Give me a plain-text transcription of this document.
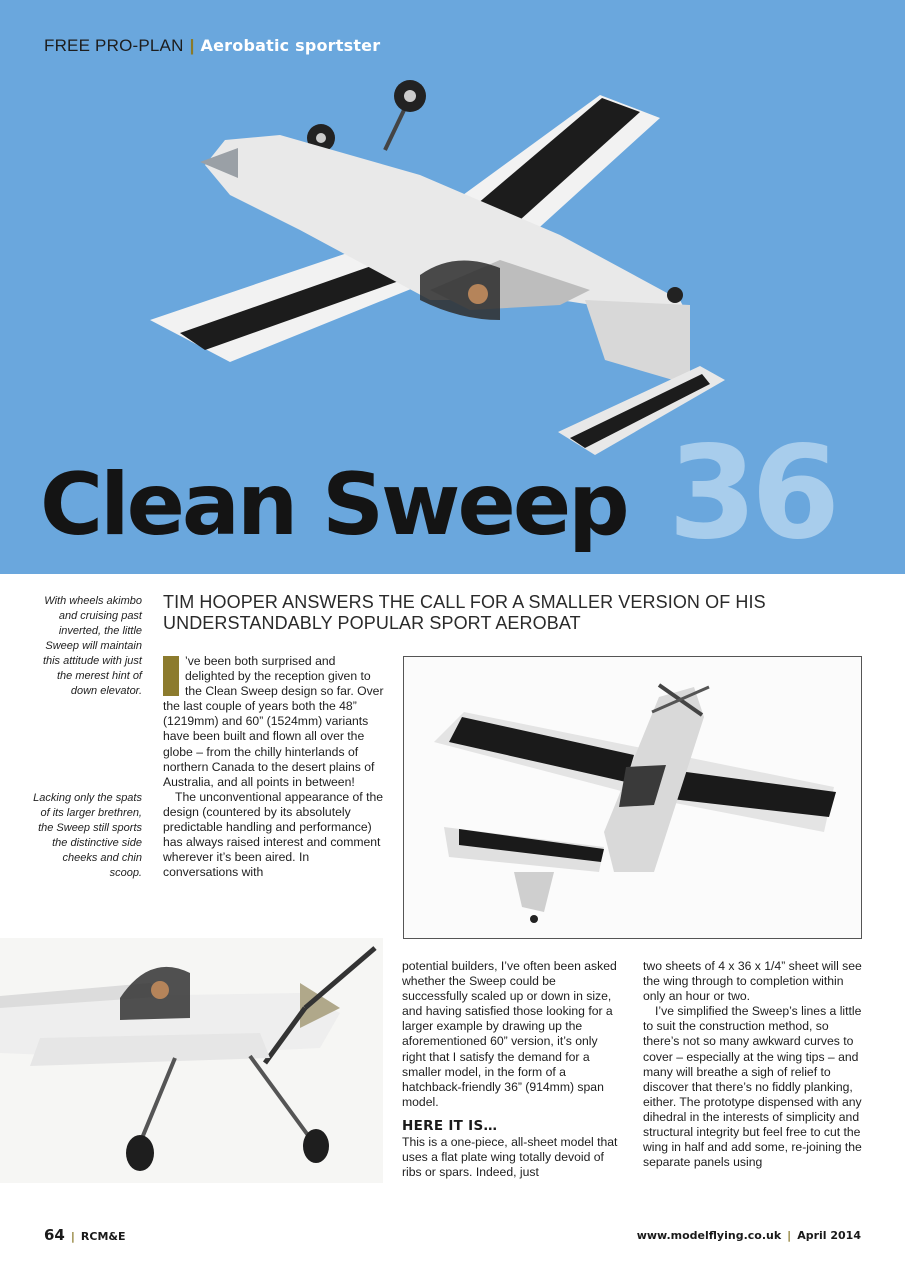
FREE PRO-PLAN | Aerobatic sportster
36
Clean Sweep
With wheels akimbo and cruising past inverted, the little Sweep will maintain this attitude with just the merest hint of down elevator.
Lacking only the spats of its larger brethren, the Sweep still sports the distinctive side cheeks and chin scoop.
TIM HOOPER ANSWERS THE CALL FOR A SMALLER VERSION OF HIS UNDERSTANDABLY POPULAR SPORT AEROBAT

’ve been both surprised and delighted by the reception given to the Clean Sweep design so far. Over the last couple of years both the 48” (1219mm) and 60” (1524mm) variants have been built and flown all over the globe – from the chilly hinterlands of northern Canada to the desert plains of Australia, and all points in between!

The unconventional appearance of the design (countered by its absolutely predictable handling and performance) has always raised interest and comment wherever it’s been aired. In conversations with

potential builders, I’ve often been asked whether the Sweep could be successfully scaled up or down in size, and having satisfied those looking for a larger example by drawing up the aforementioned 60” version, it’s only right that I satisfy the demand for a smaller model, in the form of a hatchback-friendly 36” (914mm) span model.

HERE IT IS…

This is a one-piece, all-sheet model that uses a flat plate wing totally devoid of ribs or spars. Indeed, just

two sheets of 4 x 36 x 1/4” sheet will see the wing through to completion within only an hour or two.

I’ve simplified the Sweep’s lines a little to suit the construction method, so there’s not so many awkward curves to cover – especially at the wing tips – and many will breathe a sigh of relief to discover that there’s no fiddly planking, either. The prototype dispensed with any dihedral in the interests of simplicity and structural integrity but feel free to cut the wing in half and add some, re-joining the separate panels using

64 | RCM&E	www.modelflying.co.uk | April 2014
